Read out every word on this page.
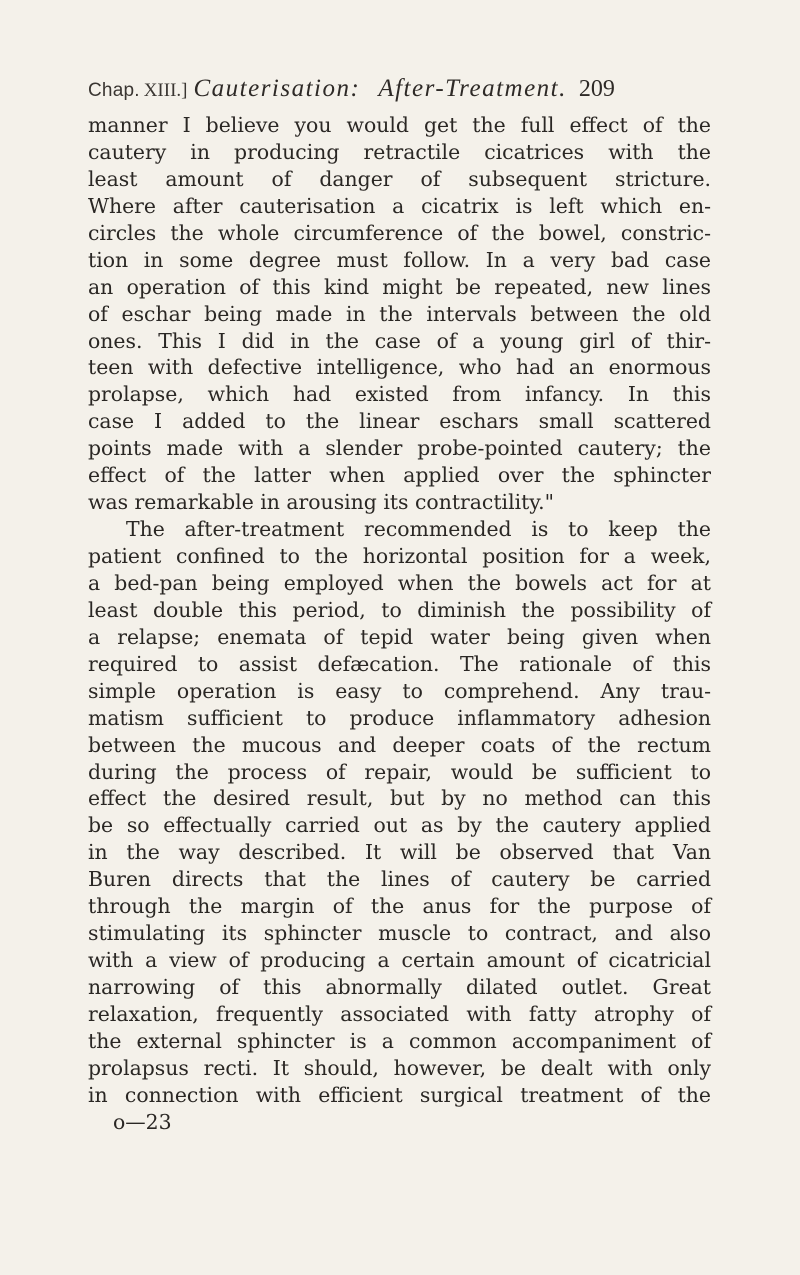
Chap. XIII.] Cauterisation: After-Treatment. 209
manner I believe you would get the full effect of the
cautery in producing retractile cicatrices with the
least amount of danger of subsequent stricture.
Where after cauterisation a cicatrix is left which en-
circles the whole circumference of the bowel, constric-
tion in some degree must follow. In a very bad case
an operation of this kind might be repeated, new lines
of eschar being made in the intervals between the old
ones. This I did in the case of a young girl of thir-
teen with defective intelligence, who had an enormous
prolapse, which had existed from infancy. In this
case I added to the linear eschars small scattered
points made with a slender probe-pointed cautery; the
effect of the latter when applied over the sphincter
was remarkable in arousing its contractility."
The after-treatment recommended is to keep the
patient confined to the horizontal position for a week,
a bed-pan being employed when the bowels act for at
least double this period, to diminish the possibility of
a relapse; enemata of tepid water being given when
required to assist defæcation. The rationale of this
simple operation is easy to comprehend. Any trau-
matism sufficient to produce inflammatory adhesion
between the mucous and deeper coats of the rectum
during the process of repair, would be sufficient to
effect the desired result, but by no method can this
be so effectually carried out as by the cautery applied
in the way described. It will be observed that Van
Buren directs that the lines of cautery be carried
through the margin of the anus for the purpose of
stimulating its sphincter muscle to contract, and also
with a view of producing a certain amount of cicatricial
narrowing of this abnormally dilated outlet. Great
relaxation, frequently associated with fatty atrophy of
the external sphincter is a common accompaniment of
prolapsus recti. It should, however, be dealt with only
in connection with efficient surgical treatment of the
o—23
